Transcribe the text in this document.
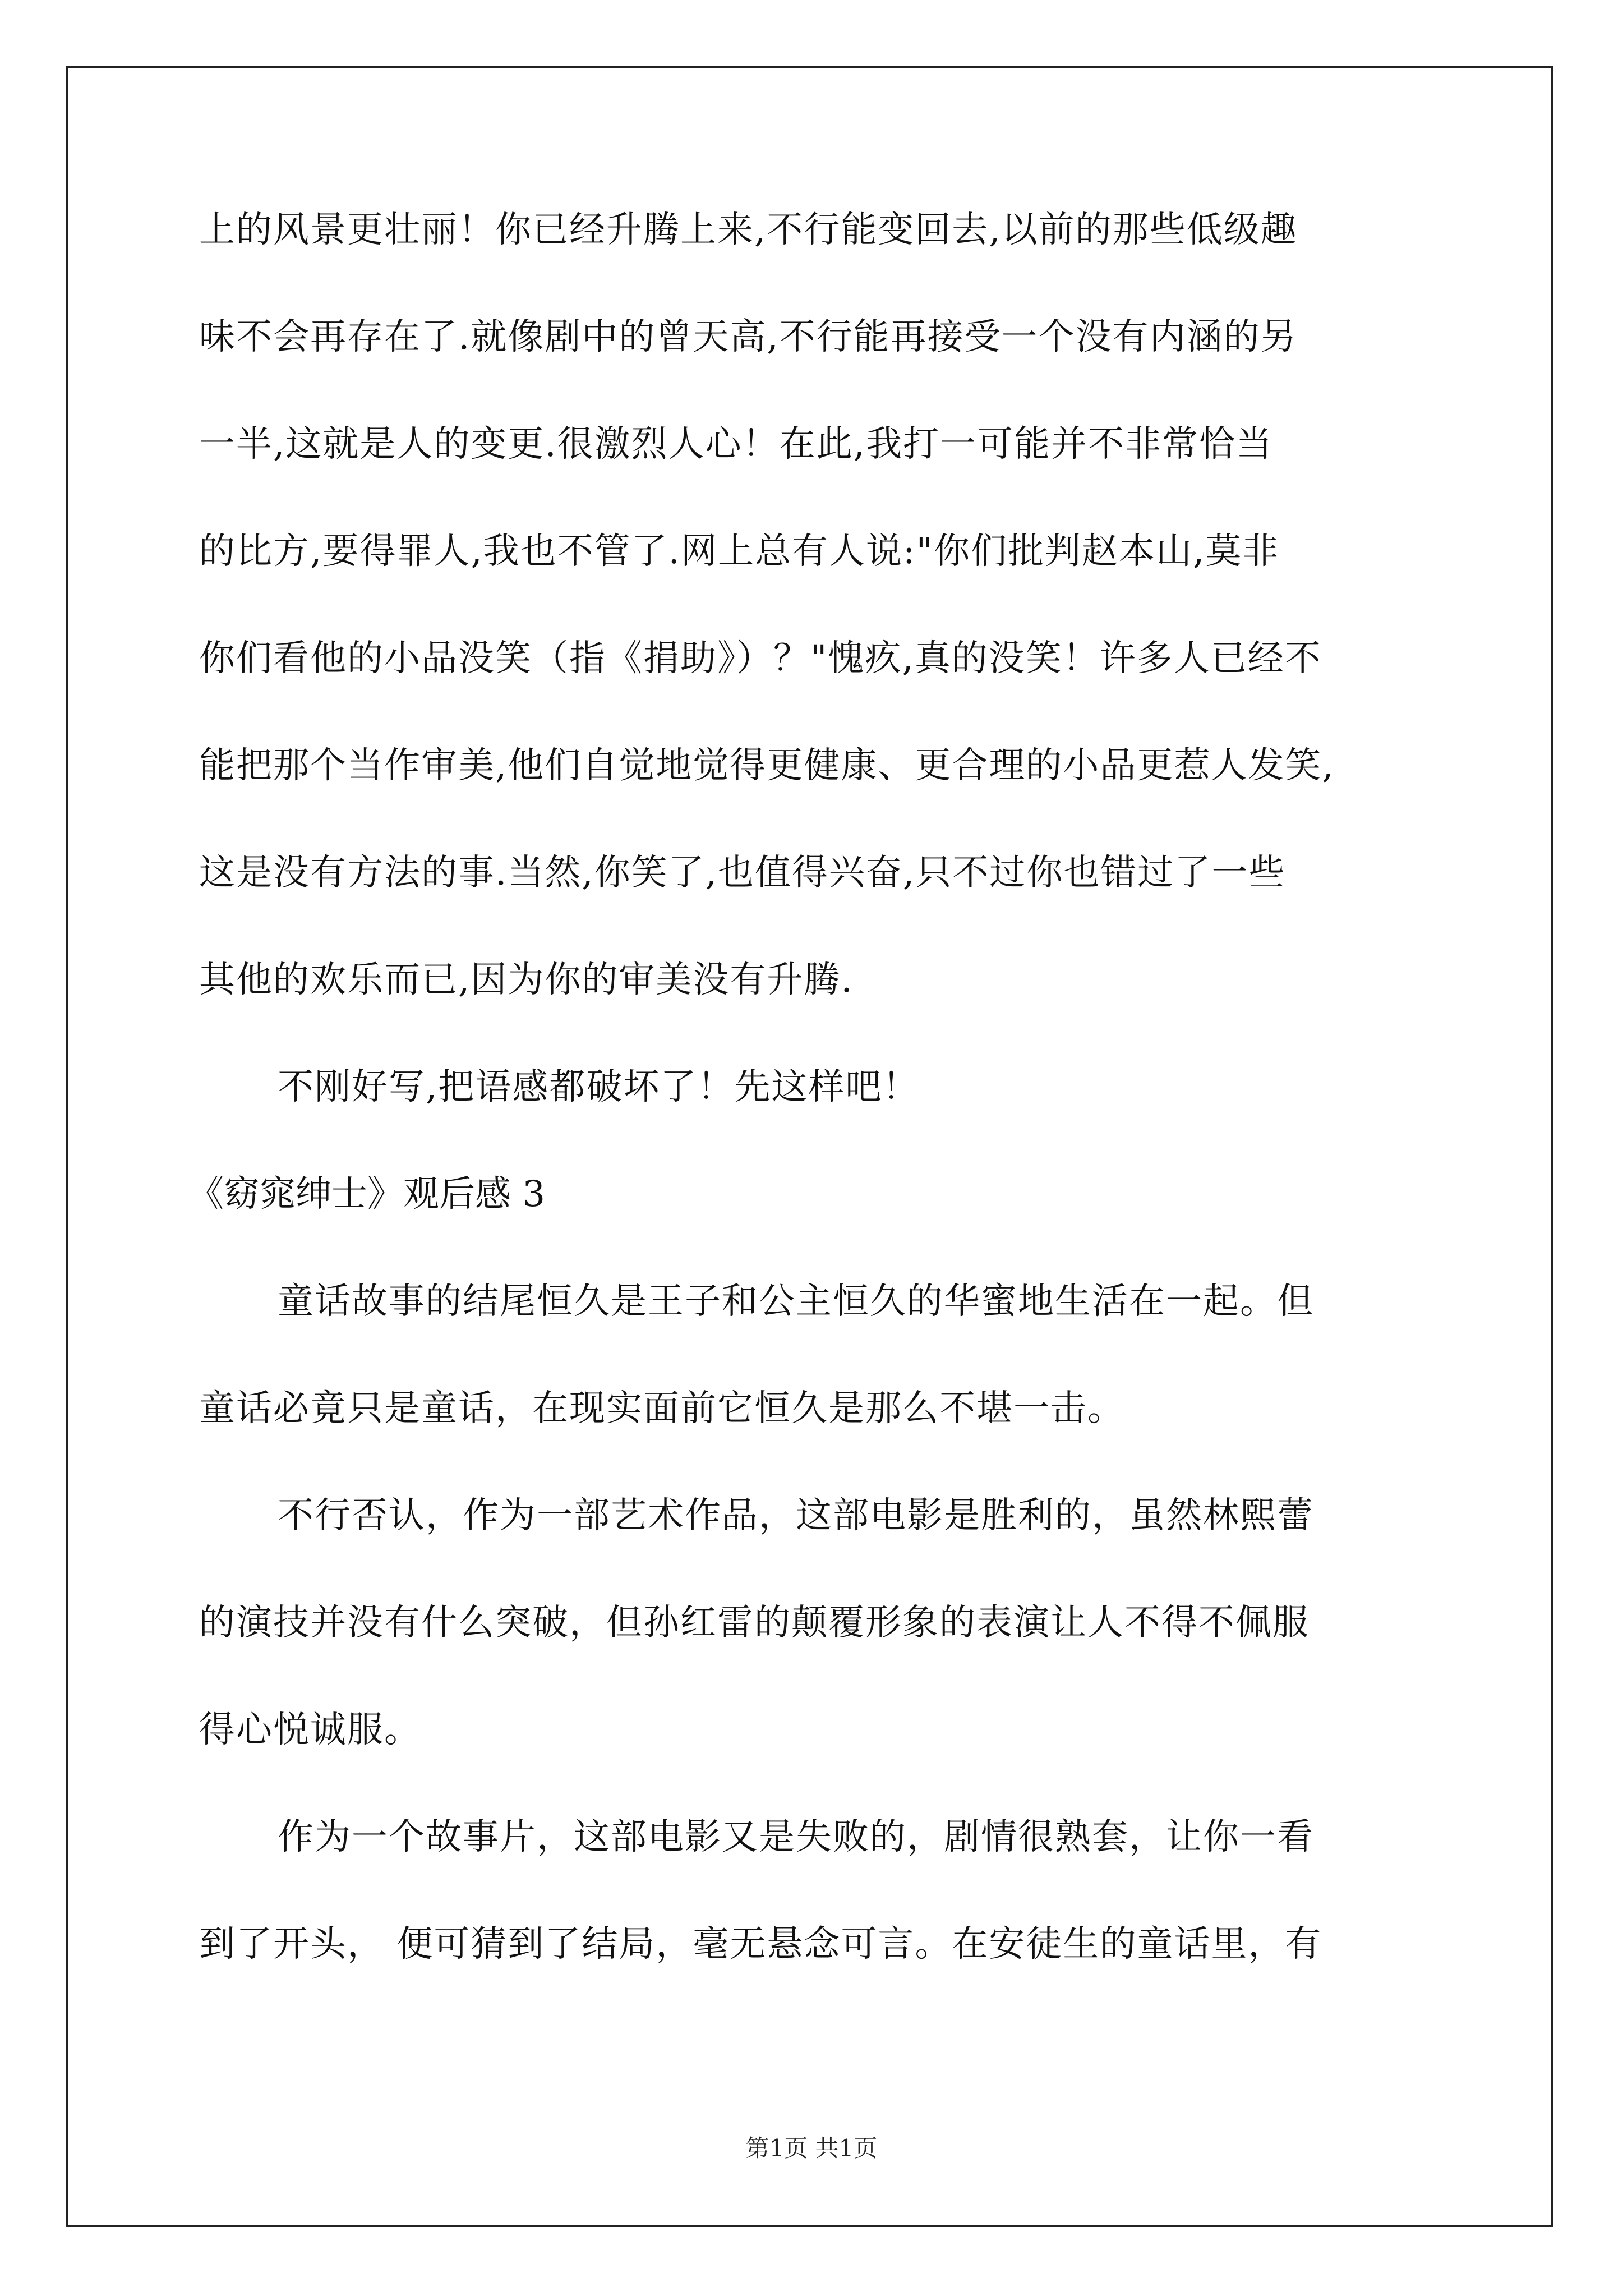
上的风景更壮丽！你已经升腾上来,不行能变回去,以前的那些低级趣
味不会再存在了.就像剧中的曾天高,不行能再接受一个没有内涵的另
一半,这就是人的变更.很激烈人心！在此,我打一可能并不非常恰当
的比方,要得罪人,我也不管了.网上总有人说:"你们批判赵本山,莫非
你们看他的小品没笑（指《捐助》）？"愧疚,真的没笑！许多人已经不
能把那个当作审美,他们自觉地觉得更健康、更合理的小品更惹人发笑,
这是没有方法的事.当然,你笑了,也值得兴奋,只不过你也错过了一些
其他的欢乐而已,因为你的审美没有升腾.
不刚好写,把语感都破坏了！先这样吧！
《窈窕绅士》观后感 3
童话故事的结尾恒久是王子和公主恒久的华蜜地生活在一起。但
童话必竟只是童话，在现实面前它恒久是那么不堪一击。
不行否认，作为一部艺术作品，这部电影是胜利的，虽然林熙蕾
的演技并没有什么突破，但孙红雷的颠覆形象的表演让人不得不佩服
得心悦诚服。
作为一个故事片，这部电影又是失败的，剧情很熟套，让你一看
到了开头， 便可猜到了结局，毫无悬念可言。在安徒生的童话里，有
第1页 共1页
